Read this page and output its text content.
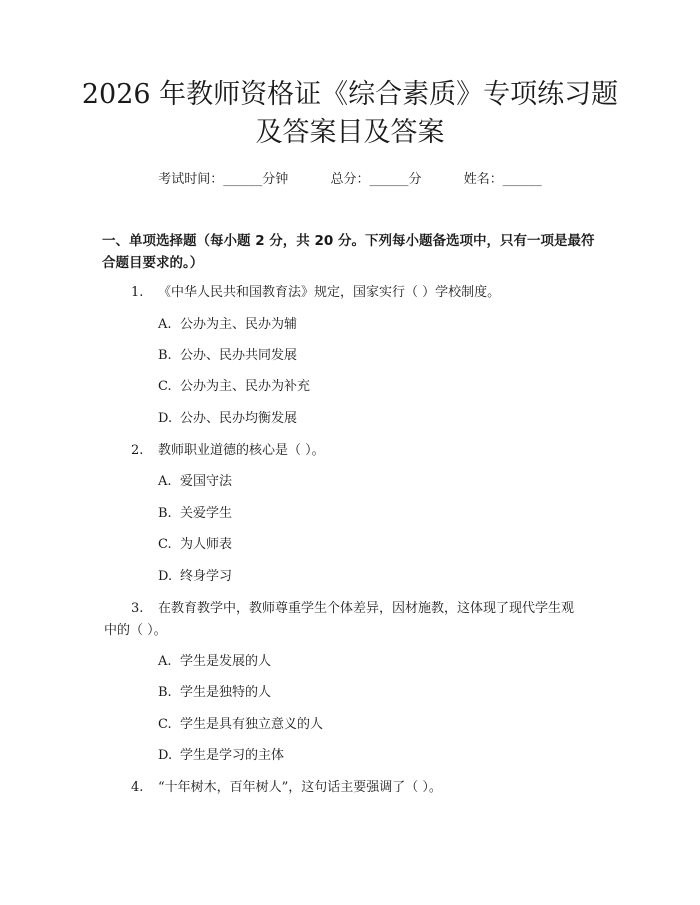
2026 年教师资格证《综合素质》专项练习题
及答案目及答案
考试时间：______分钟	总分：______分	姓名：______
一、单项选择题（每小题 2 分，共 20 分。下列每小题备选项中，只有一项是最符合题目要求的。）
1. 《中华人民共和国教育法》规定，国家实行（ ）学校制度。
A. 公办为主、民办为辅
B. 公办、民办共同发展
C. 公办为主、民办为补充
D. 公办、民办均衡发展
2. 教师职业道德的核心是（ ）。
A. 爱国守法
B. 关爱学生
C. 为人师表
D. 终身学习
3. 在教育教学中，教师尊重学生个体差异，因材施教，这体现了现代学生观
中的（ ）。
A. 学生是发展的人
B. 学生是独特的人
C. 学生是具有独立意义的人
D. 学生是学习的主体
4. “十年树木，百年树人”，这句话主要强调了（ ）。
